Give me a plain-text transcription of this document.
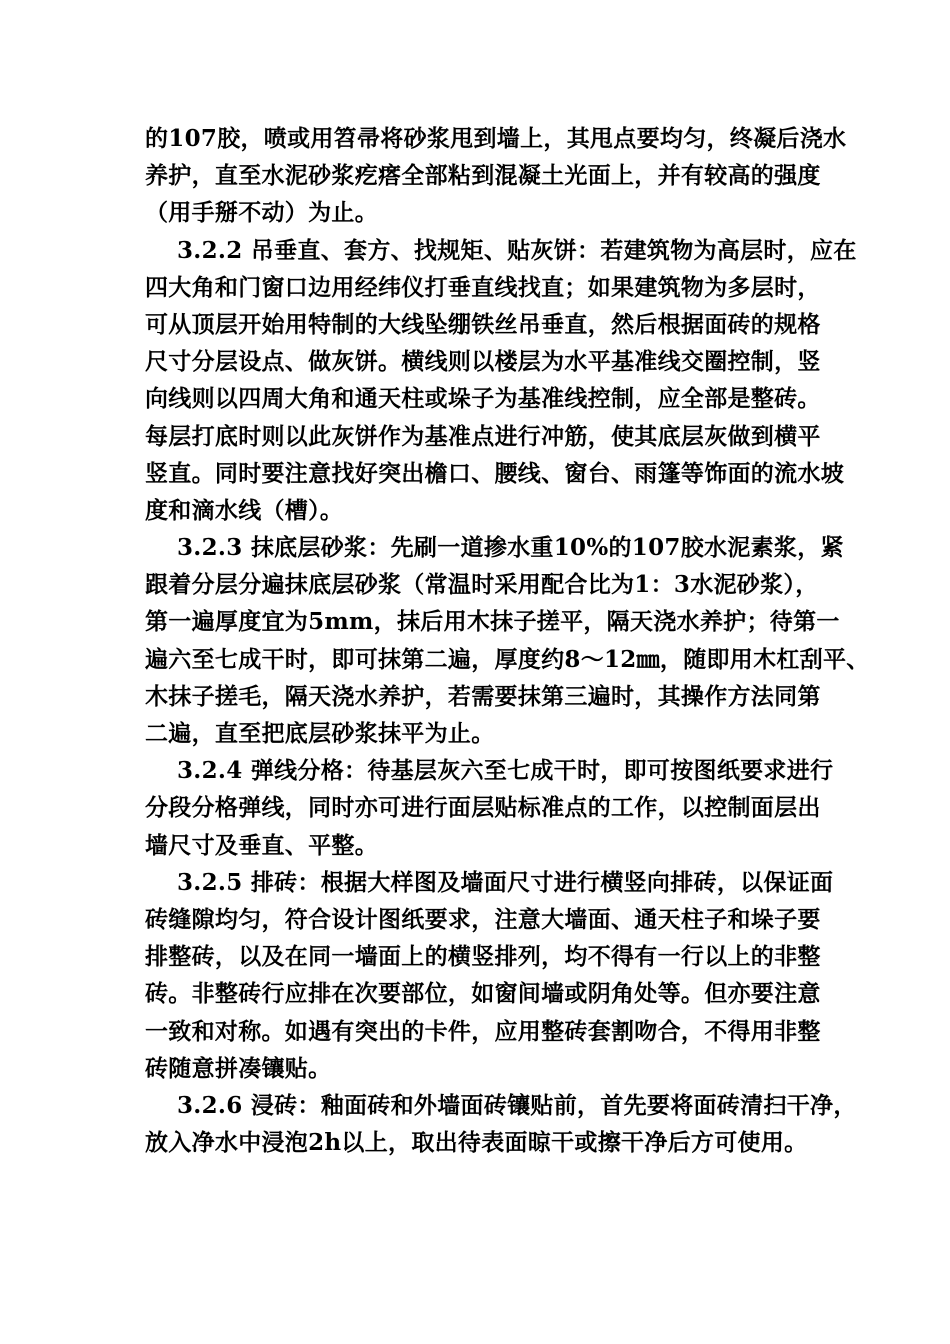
的107胶，喷或用笤帚将砂浆甩到墙上，其甩点要均匀，终凝后浇水
养护，直至水泥砂浆疙瘩全部粘到混凝土光面上，并有较高的强度
（用手掰不动）为止。
3.2.2 吊垂直、套方、找规矩、贴灰饼：若建筑物为高层时，应在
四大角和门窗口边用经纬仪打垂直线找直；如果建筑物为多层时，
可从顶层开始用特制的大线坠绷铁丝吊垂直，然后根据面砖的规格
尺寸分层设点、做灰饼。横线则以楼层为水平基准线交圈控制，竖
向线则以四周大角和通天柱或垛子为基准线控制，应全部是整砖。
每层打底时则以此灰饼作为基准点进行冲筋，使其底层灰做到横平
竖直。同时要注意找好突出檐口、腰线、窗台、雨篷等饰面的流水坡
度和滴水线（槽）。
3.2.3 抹底层砂浆：先刷一道掺水重10%的107胶水泥素浆，紧
跟着分层分遍抹底层砂浆（常温时采用配合比为1：3水泥砂浆），
第一遍厚度宜为5mm，抹后用木抹子搓平，隔天浇水养护；待第一
遍六至七成干时，即可抹第二遍，厚度约8～12㎜，随即用木杠刮平、
木抹子搓毛，隔天浇水养护，若需要抹第三遍时，其操作方法同第
二遍，直至把底层砂浆抹平为止。
3.2.4 弹线分格：待基层灰六至七成干时，即可按图纸要求进行
分段分格弹线，同时亦可进行面层贴标准点的工作，以控制面层出
墙尺寸及垂直、平整。
3.2.5 排砖：根据大样图及墙面尺寸进行横竖向排砖，以保证面
砖缝隙均匀，符合设计图纸要求，注意大墙面、通天柱子和垛子要
排整砖，以及在同一墙面上的横竖排列，均不得有一行以上的非整
砖。非整砖行应排在次要部位，如窗间墙或阴角处等。但亦要注意
一致和对称。如遇有突出的卡件，应用整砖套割吻合，不得用非整
砖随意拼凑镶贴。
3.2.6 浸砖：釉面砖和外墙面砖镶贴前，首先要将面砖清扫干净，
放入净水中浸泡2h以上，取出待表面晾干或擦干净后方可使用。
